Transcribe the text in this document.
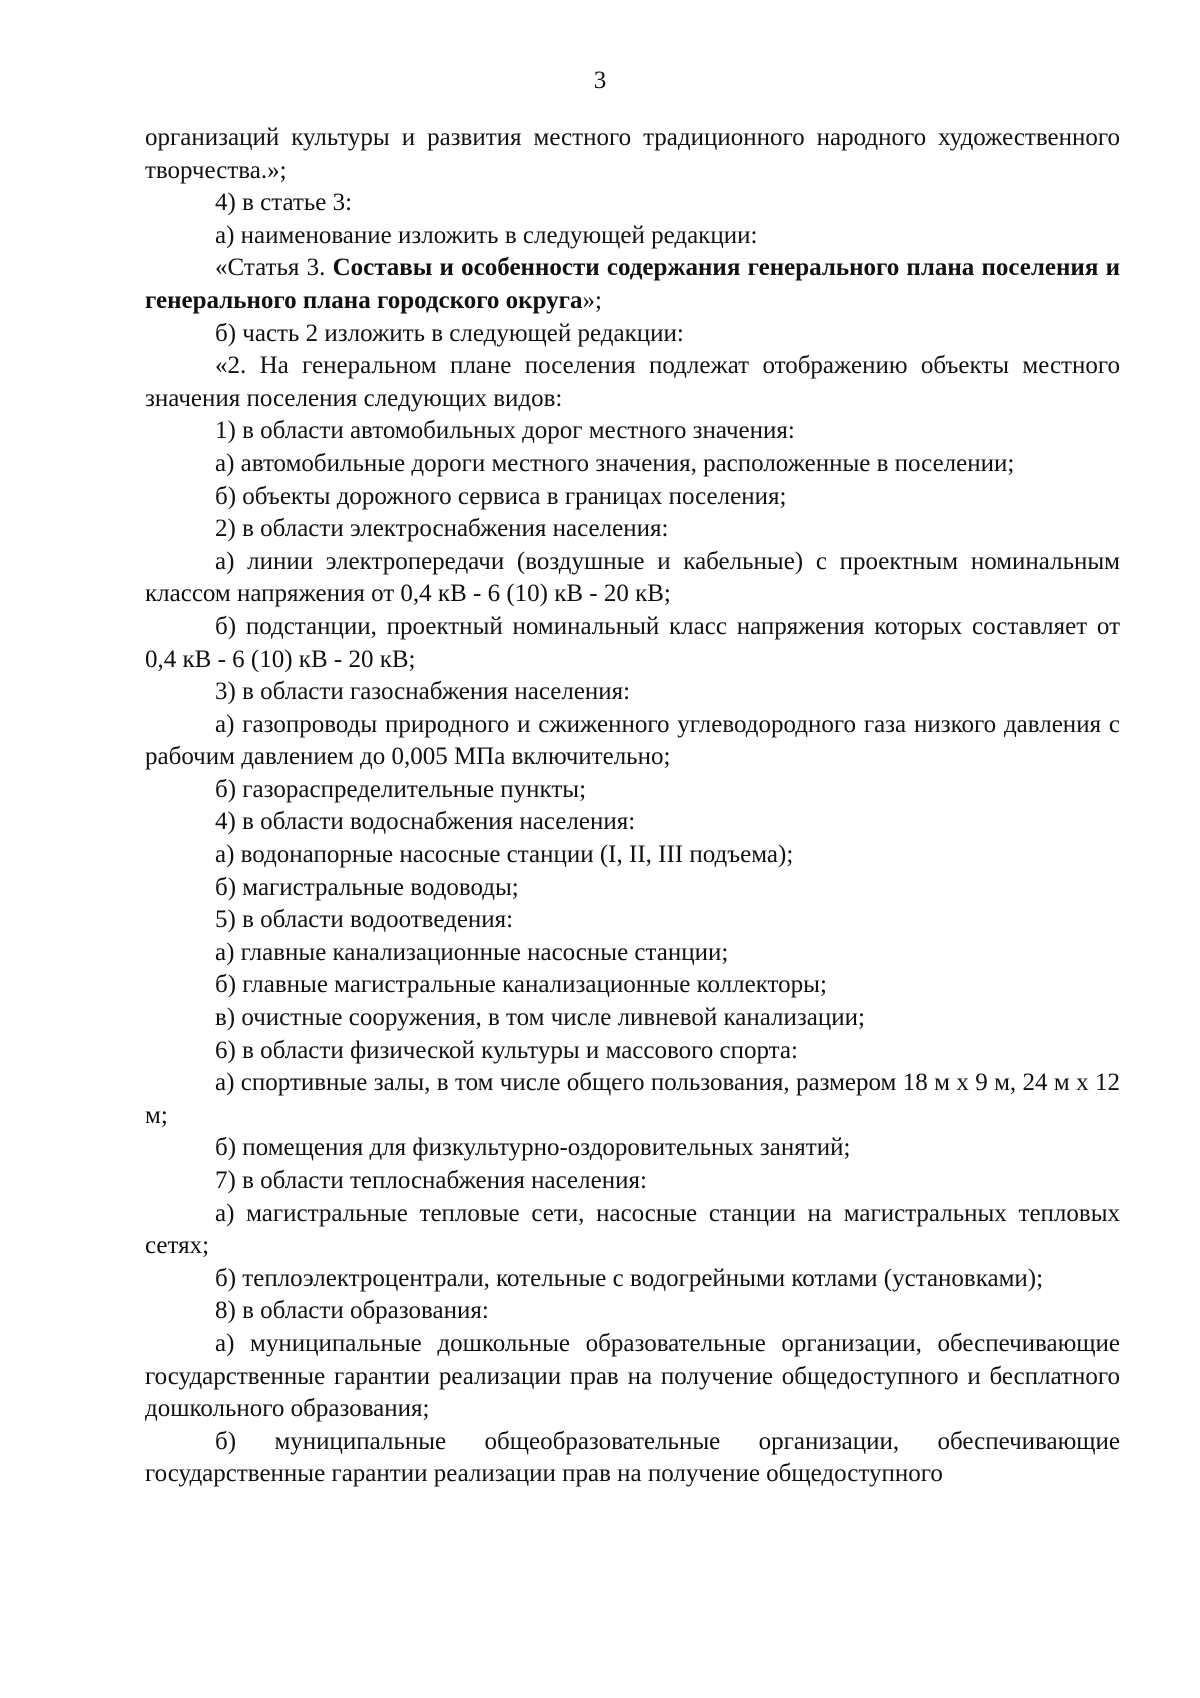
3

организаций культуры и развития местного традиционного народного художественного творчества.»;

4) в статье 3:

а) наименование изложить в следующей редакции:

«Статья 3. Составы и особенности содержания генерального плана поселения и генерального плана городского округа»;

б) часть 2 изложить в следующей редакции:

«2. На генеральном плане поселения подлежат отображению объекты местного значения поселения следующих видов:

1) в области автомобильных дорог местного значения:

а) автомобильные дороги местного значения, расположенные в поселении;

б) объекты дорожного сервиса в границах поселения;

2) в области электроснабжения населения:

а) линии электропередачи (воздушные и кабельные) с проектным номинальным классом напряжения от 0,4 кВ - 6 (10) кВ - 20 кВ;

б) подстанции, проектный номинальный класс напряжения которых составляет от 0,4 кВ - 6 (10) кВ - 20 кВ;

3) в области газоснабжения населения:

а) газопроводы природного и сжиженного углеводородного газа низкого давления с рабочим давлением до 0,005 МПа включительно;

б) газораспределительные пункты;

4) в области водоснабжения населения:

а) водонапорные насосные станции (I, II, III подъема);

б) магистральные водоводы;

5) в области водоотведения:

а) главные канализационные насосные станции;

б) главные магистральные канализационные коллекторы;

в) очистные сооружения, в том числе ливневой канализации;

6) в области физической культуры и массового спорта:

а) спортивные залы, в том числе общего пользования, размером 18 м х 9 м, 24 м х 12 м;

б) помещения для физкультурно-оздоровительных занятий;

7) в области теплоснабжения населения:

а) магистральные тепловые сети, насосные станции на магистральных тепловых сетях;

б) теплоэлектроцентрали, котельные с водогрейными котлами (установками);

8) в области образования:

а) муниципальные дошкольные образовательные организации, обеспечивающие государственные гарантии реализации прав на получение общедоступного и бесплатного дошкольного образования;

б) муниципальные общеобразовательные организации, обеспечивающие государственные гарантии реализации прав на получение общедоступного
